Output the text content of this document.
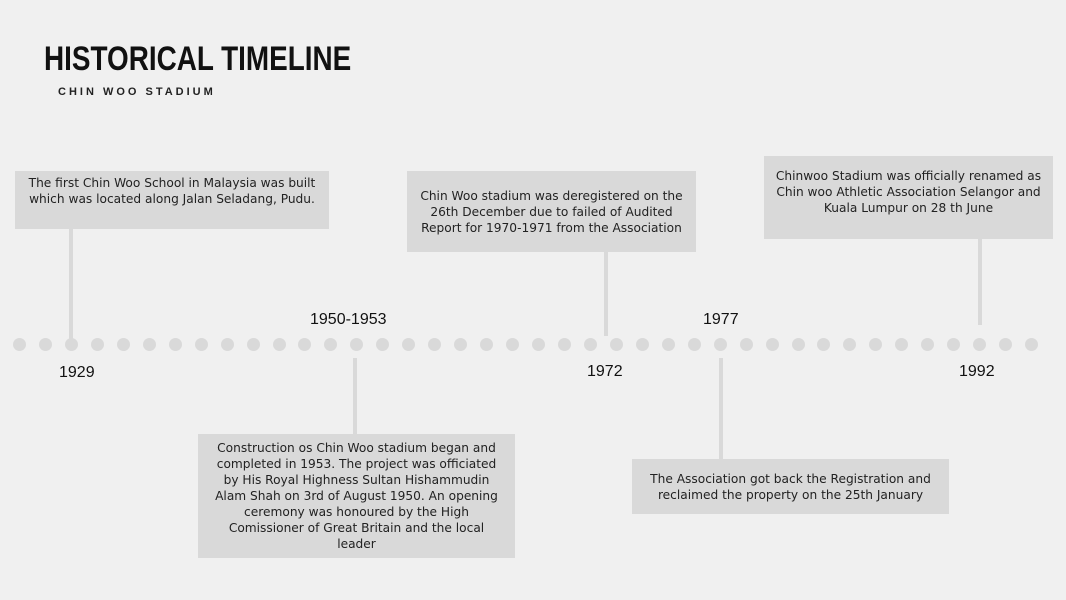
HISTORICAL TIMELINE
CHIN WOO STADIUM
The first Chin Woo School in Malaysia was built which was located along Jalan Seladang, Pudu.
Construction os Chin Woo stadium began and completed in 1953. The project was officiated by His Royal Highness Sultan Hishammudin Alam Shah on 3rd of August 1950. An opening ceremony was honoured by the High Comissioner of Great Britain and the local leader
Chin Woo stadium was deregistered on the 26th December due to failed of Audited Report for 1970-1971 from the Association
The Association got back the Registration and reclaimed the property on the 25th January
Chinwoo Stadium was officially renamed as Chin woo Athletic Association Selangor and Kuala Lumpur on 28 th June
1929
1950-1953
1972
1977
1992
